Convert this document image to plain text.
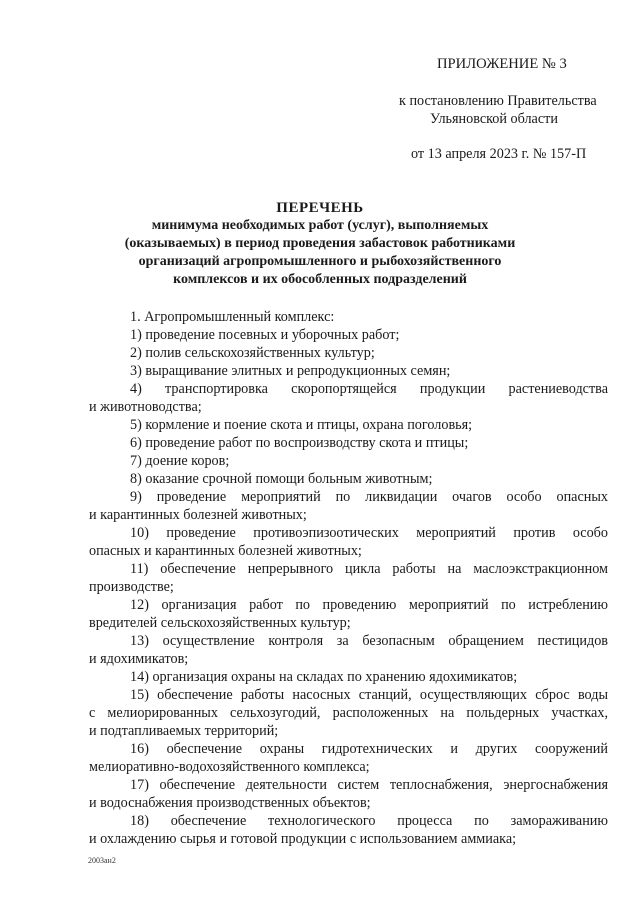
ПРИЛОЖЕНИЕ № 3
к постановлению Правительства
Ульяновской области
от 13 апреля 2023 г. № 157-П
ПЕРЕЧЕНЬ
минимума необходимых работ (услуг), выполняемых
(оказываемых) в период проведения забастовок работниками
организаций агропромышленного и рыбохозяйственного
комплексов и их обособленных подразделений
1. Агропромышленный комплекс:
1) проведение посевных и уборочных работ;
2) полив сельскохозяйственных культур;
3) выращивание элитных и репродукционных семян;
4) транспортировка скоропортящейся продукции растениеводства
и животноводства;
5) кормление и поение скота и птицы, охрана поголовья;
6) проведение работ по воспроизводству скота и птицы;
7) доение коров;
8) оказание срочной помощи больным животным;
9) проведение мероприятий по ликвидации очагов особо опасных
и карантинных болезней животных;
10) проведение противоэпизоотических мероприятий против особо
опасных и карантинных болезней животных;
11) обеспечение непрерывного цикла работы на маслоэкстракционном
производстве;
12) организация работ по проведению мероприятий по истреблению
вредителей сельскохозяйственных культур;
13) осуществление контроля за безопасным обращением пестицидов
и ядохимикатов;
14) организация охраны на складах по хранению ядохимикатов;
15) обеспечение работы насосных станций, осуществляющих сброс воды
с мелиорированных сельхозугодий, расположенных на польдерных участках,
и подтапливаемых территорий;
16) обеспечение охраны гидротехнических и других сооружений
мелиоративно-водохозяйственного комплекса;
17) обеспечение деятельности систем теплоснабжения, энергоснабжения
и водоснабжения производственных объектов;
18) обеспечение технологического процесса по замораживанию
и охлаждению сырья и готовой продукции с использованием аммиака;
2003ан2
